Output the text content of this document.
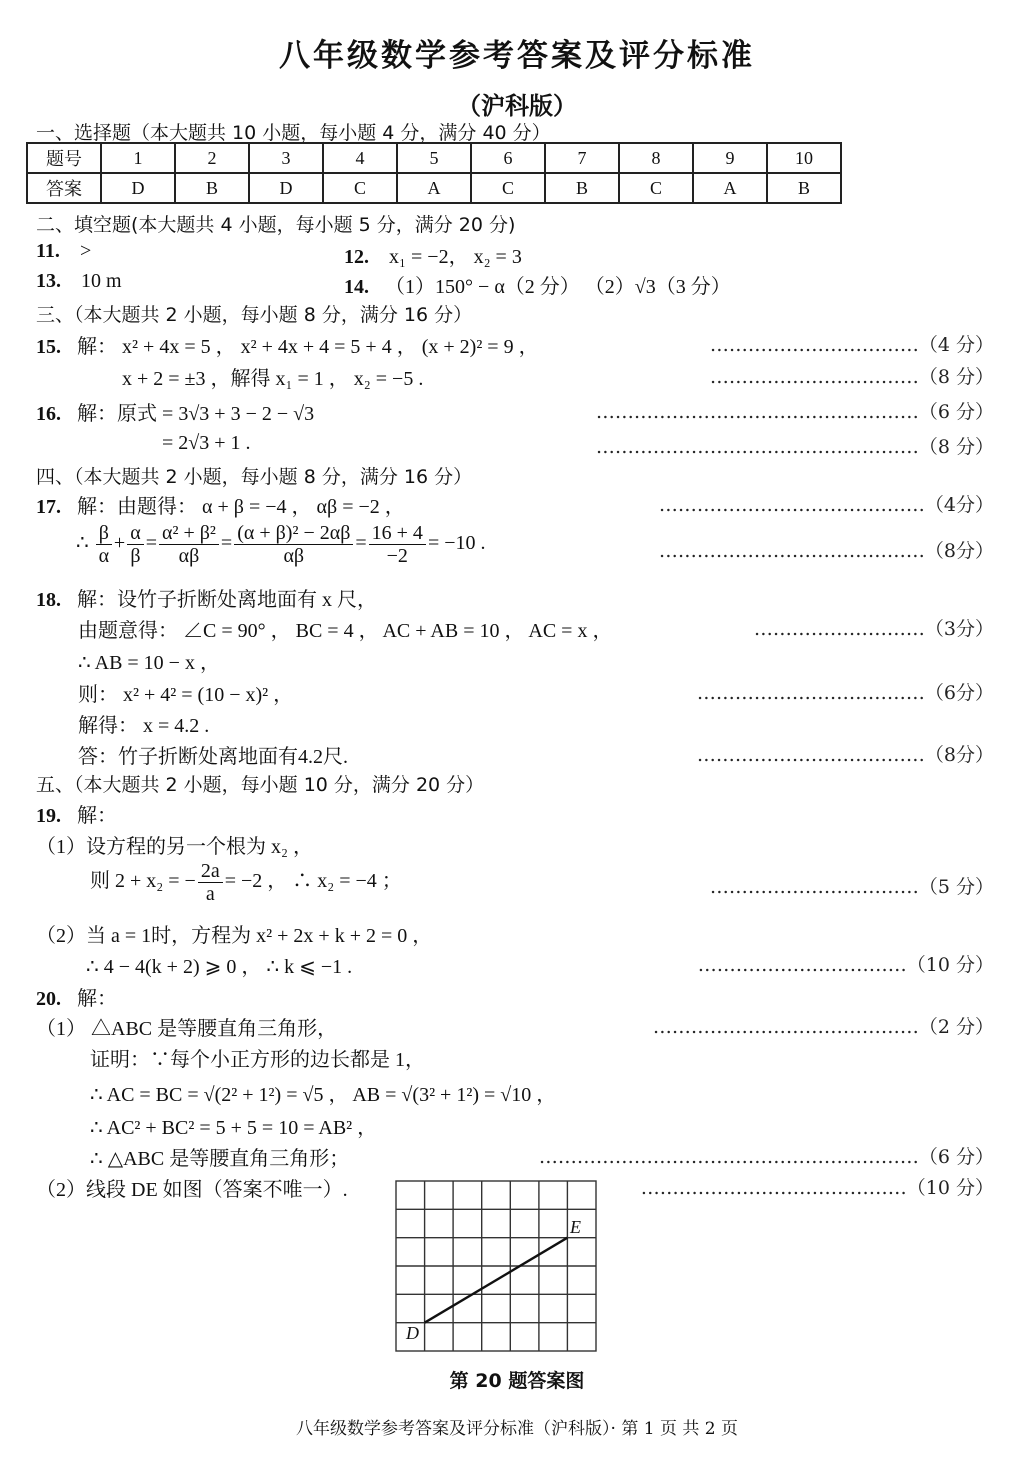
八年级数学参考答案及评分标准
（沪科版）
一、选择题（本大题共 10 小题，每小题 4 分，满分 40 分）
题号	1	2	3	4	5	6	7	8	9	10
答案	D	B	D	C	A	C	B	C	A	B
二、填空题(本大题共 4 小题，每小题 5 分，满分 20 分)
11. >	12. x₁ = −2， x₂ = 3
13. 10 m	14. （1）150° − α（2 分） （2）√3（3 分）
三、（本大题共 2 小题，每小题 8 分，满分 16 分）
15. 解： x² + 4x = 5 ， x² + 4x + 4 = 5 + 4 ， (x + 2)² = 9 ，	……………………………（4 分）
x + 2 = ±3 ，解得 x₁ = 1 ， x₂ = −5 .	……………………………（8 分）
16. 解：原式 = 3√3 + 3 − 2 − √3	……………………………………………（6 分）
= 2√3 + 1 .	……………………………………………（8 分）
四、（本大题共 2 小题，每小题 8 分，满分 16 分）
17. 解：由题得： α + β = −4 ， αβ = −2 ，	……………………………………（4分）
∴ $\frac{\beta}{\alpha} + \frac{\alpha}{\beta} = \frac{\text{α² + β²}}{\alpha\beta} = \frac{\text{(α + β)² − 2αβ}}{\alpha\beta} = \frac{16 + 4}{-2} = -10$ .	……………………………………（8分）
18. 解：设竹子折断处离地面有 x 尺，
由题意得： ∠C = 90° ， BC = 4 ， AC + AB = 10 ， AC = x ，	………………………（3分）
∴ AB = 10 − x ，
则： x² + 4² = (10 − x)² ，	………………………………（6分）
解得： x = 4.2 .
答：竹子折断处离地面有4.2尺.	………………………………（8分）
五、（本大题共 2 小题，每小题 10 分，满分 20 分）
19. 解：
（1）设方程的另一个根为 x₂ ，
则 2 + x₂ = − $\frac{2a}{a} = -2$ ， ∴ x₂ = −4 ；	……………………………（5 分）
（2）当 a = 1时，方程为 x² + 2x + k + 2 = 0 ，
∴ 4 − 4(k + 2) ⩾ 0 ， ∴ k ⩽ −1 .	……………………………（10 分）
20. 解：
（1） △ABC 是等腰直角三角形，	……………………………………（2 分）
证明：∵每个小正方形的边长都是 1，
∴ AC = BC = √(2² + 1²) = √5 ， AB = √(3² + 1²) = √10 ，
∴ AC² + BC² = 5 + 5 = 10 = AB² ，
∴ △ABC 是等腰直角三角形；	……………………………………………………（6 分）
（2）线段 DE 如图（答案不唯一）.	……………………………………（10 分）
D
E
第 20 题答案图
八年级数学参考答案及评分标准（沪科版）· 第 1 页 共 2 页
